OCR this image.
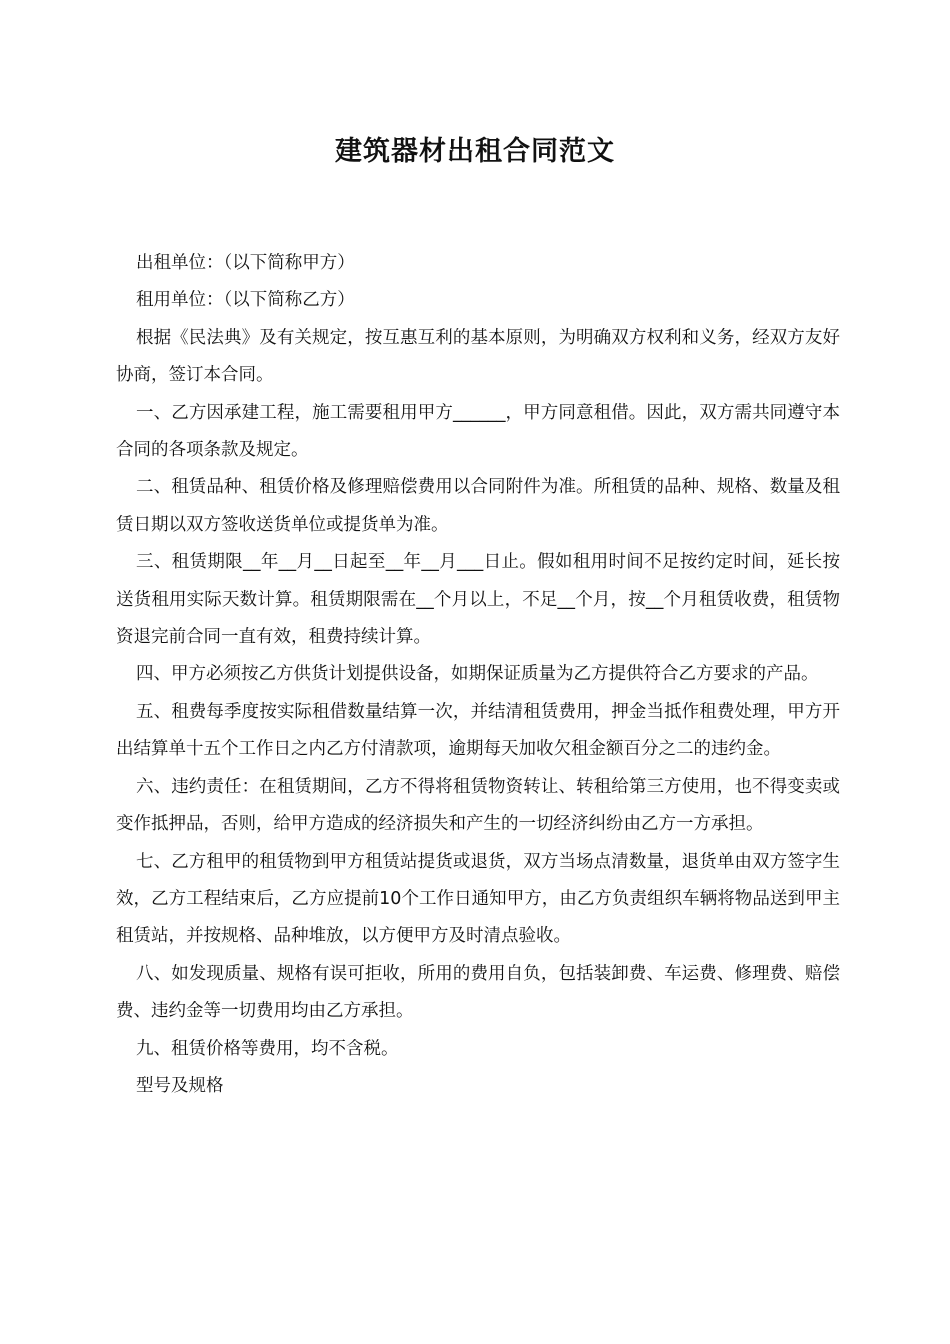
建筑器材出租合同范文

出租单位：（以下简称甲方）

租用单位：（以下简称乙方）

根据《民法典》及有关规定，按互惠互利的基本原则，为明确双方权利和义务，经双方友好协商，签订本合同。

一、乙方因承建工程，施工需要租用甲方______，甲方同意租借。因此，双方需共同遵守本合同的各项条款及规定。

二、租赁品种、租赁价格及修理赔偿费用以合同附件为准。所租赁的品种、规格、数量及租赁日期以双方签收送货单位或提货单为准。

三、租赁期限__年__月__日起至__年__月___日止。假如租用时间不足按约定时间，延长按送货租用实际天数计算。租赁期限需在__个月以上，不足__个月，按__个月租赁收费，租赁物资退完前合同一直有效，租费持续计算。

四、甲方必须按乙方供货计划提供设备，如期保证质量为乙方提供符合乙方要求的产品。

五、租费每季度按实际租借数量结算一次，并结清租赁费用，押金当抵作租费处理，甲方开出结算单十五个工作日之内乙方付清款项，逾期每天加收欠租金额百分之二的违约金。

六、违约责任：在租赁期间，乙方不得将租赁物资转让、转租给第三方使用，也不得变卖或变作抵押品，否则，给甲方造成的经济损失和产生的一切经济纠纷由乙方一方承担。

七、乙方租甲的租赁物到甲方租赁站提货或退货，双方当场点清数量，退货单由双方签字生效，乙方工程结束后，乙方应提前10个工作日通知甲方，由乙方负责组织车辆将物品送到甲主租赁站，并按规格、品种堆放，以方便甲方及时清点验收。

八、如发现质量、规格有误可拒收，所用的费用自负，包括装卸费、车运费、修理费、赔偿费、违约金等一切费用均由乙方承担。

九、租赁价格等费用，均不含税。

型号及规格
